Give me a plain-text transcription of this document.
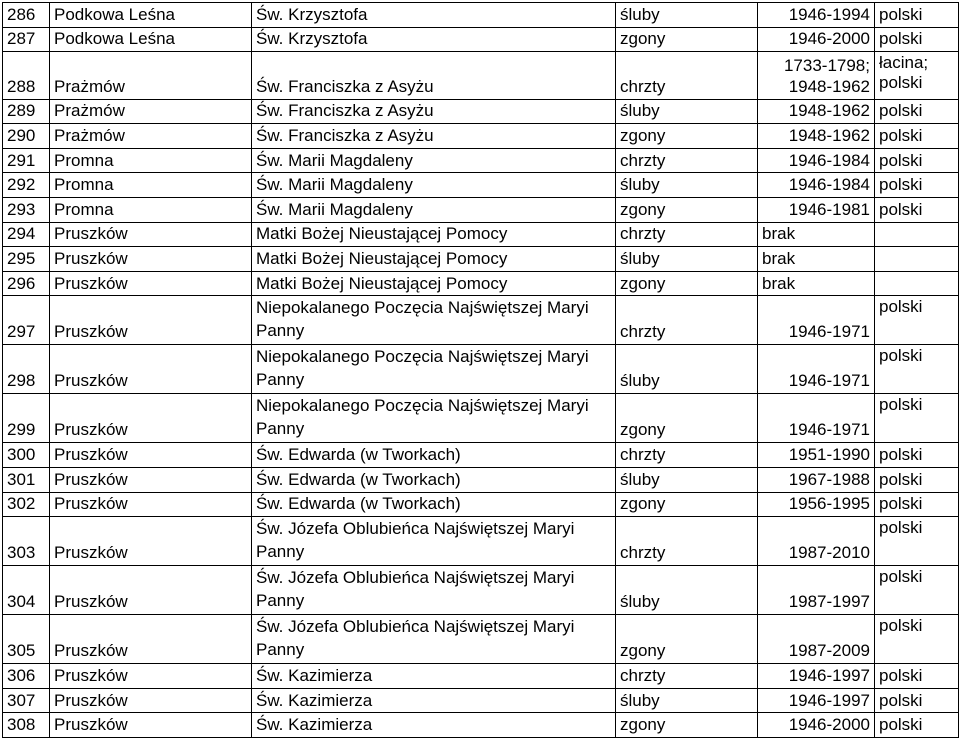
286	Podkowa Leśna	Św. Krzysztofa	śluby	1946-1994	polski
287	Podkowa Leśna	Św. Krzysztofa	zgony	1946-2000	polski
288	Prażmów	Św. Franciszka z Asyżu	chrzty	1733-1798; 1948-1962	łacina; polski
289	Prażmów	Św. Franciszka z Asyżu	śluby	1948-1962	polski
290	Prażmów	Św. Franciszka z Asyżu	zgony	1948-1962	polski
291	Promna	Św. Marii Magdaleny	chrzty	1946-1984	polski
292	Promna	Św. Marii Magdaleny	śluby	1946-1984	polski
293	Promna	Św. Marii Magdaleny	zgony	1946-1981	polski
294	Pruszków	Matki Bożej Nieustającej Pomocy	chrzty	brak	
295	Pruszków	Matki Bożej Nieustającej Pomocy	śluby	brak	
296	Pruszków	Matki Bożej Nieustającej Pomocy	zgony	brak	
297	Pruszków	Niepokalanego Poczęcia Najświętszej Maryi Panny	chrzty	1946-1971	polski
298	Pruszków	Niepokalanego Poczęcia Najświętszej Maryi Panny	śluby	1946-1971	polski
299	Pruszków	Niepokalanego Poczęcia Najświętszej Maryi Panny	zgony	1946-1971	polski
300	Pruszków	Św. Edwarda (w Tworkach)	chrzty	1951-1990	polski
301	Pruszków	Św. Edwarda (w Tworkach)	śluby	1967-1988	polski
302	Pruszków	Św. Edwarda (w Tworkach)	zgony	1956-1995	polski
303	Pruszków	Św. Józefa Oblubieńca Najświętszej Maryi Panny	chrzty	1987-2010	polski
304	Pruszków	Św. Józefa Oblubieńca Najświętszej Maryi Panny	śluby	1987-1997	polski
305	Pruszków	Św. Józefa Oblubieńca Najświętszej Maryi Panny	zgony	1987-2009	polski
306	Pruszków	Św. Kazimierza	chrzty	1946-1997	polski
307	Pruszków	Św. Kazimierza	śluby	1946-1997	polski
308	Pruszków	Św. Kazimierza	zgony	1946-2000	polski
